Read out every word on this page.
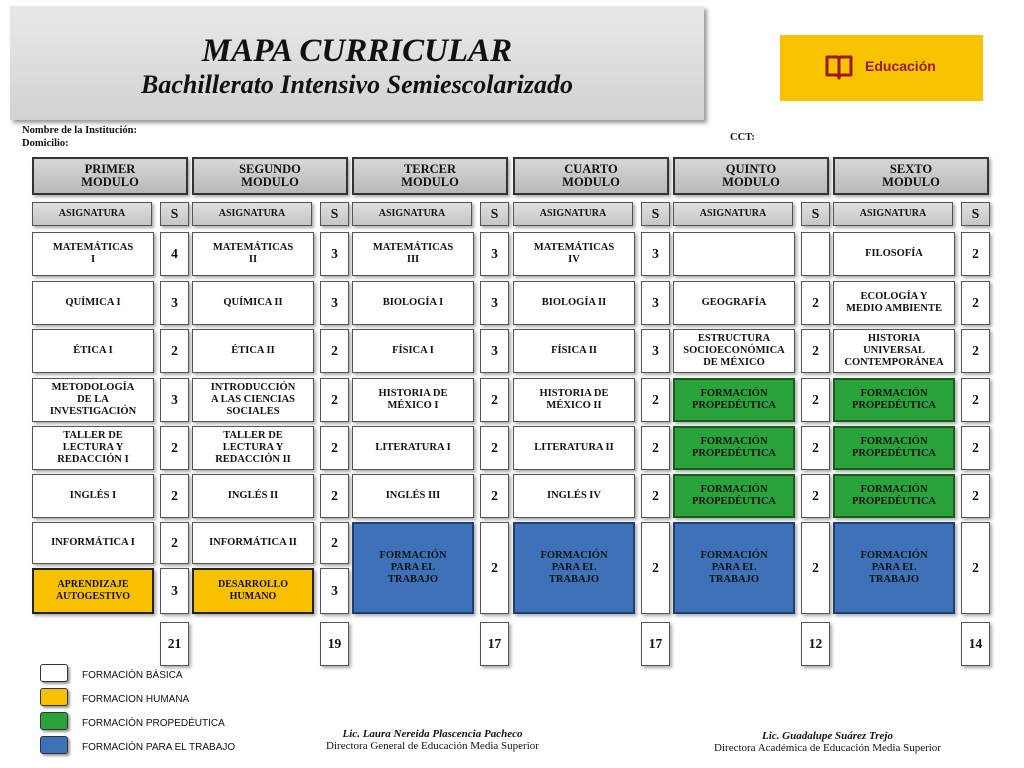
MAPA CURRICULAR
Bachillerato Intensivo Semiescolarizado
Educación
Nombre de la Institución:
Domicilio:
CCT:
PRIMER
MODULO
ASIGNATURA	S
MATEMÁTICAS
I	4
QUÍMICA I	3
ÉTICA I	2
METODOLOGÍA
DE LA
INVESTIGACIÓN
3
TALLER DE
LECTURA Y
REDACCIÓN I
2
INGLÉS I	2
INFORMÁTICA I	2
APRENDIZAJE
AUTOGESTIVO	3
21
SEGUNDO
MODULO
ASIGNATURA	S
MATEMÁTICAS
II	3
QUÍMICA II	3
ÉTICA II	2
INTRODUCCIÓN
A LAS CIENCIAS
SOCIALES
2
TALLER DE
LECTURA Y
REDACCIÓN II
2
INGLÉS II	2
INFORMÁTICA II	2
DESARROLLO
HUMANO	3
19
TERCER
MODULO
ASIGNATURA	S
MATEMÁTICAS
III	3
BIOLOGÍA I	3
FÍSICA I	3
HISTORIA DE
MÉXICO I	2
LITERATURA I	2
INGLÉS III	2
FORMACIÓN
PARA EL
TRABAJO
2
17
CUARTO
MODULO
ASIGNATURA	S
MATEMÁTICAS
IV	3
BIOLOGÍA II	3
FÍSICA II	3
HISTORIA DE
MÉXICO II	2
LITERATURA II	2
INGLÉS IV	2
FORMACIÓN
PARA EL
TRABAJO
2
17
QUINTO
MODULO
ASIGNATURA	S
GEOGRAFÍA	2
ESTRUCTURA
SOCIOECONÓMICA
DE MÉXICO
2
FORMACIÓN
PROPEDÉUTICA	2
FORMACIÓN
PROPEDÉUTICA	2
FORMACIÓN
PROPEDÉUTICA	2
FORMACIÓN
PARA EL
TRABAJO
2
12
SEXTO
MODULO
ASIGNATURA	S
FILOSOFÍA	2
ECOLOGÍA Y
MEDIO AMBIENTE	2
HISTORIA
UNIVERSAL
CONTEMPORÁNEA
2
FORMACIÓN
PROPEDÉUTICA	2
FORMACIÓN
PROPEDÉUTICA	2
FORMACIÓN
PROPEDÉUTICA	2
FORMACIÓN
PARA EL
TRABAJO
2
14
FORMACIÓN BÁSICA
FORMACION HUMANA
FORMACIÓN PROPEDÉUTICA
FORMACIÓN PARA EL TRABAJO
Lic. Laura Nereida Plascencia Pacheco
Directora General de Educación Media Superior
Lic. Guadalupe Suárez Trejo
Directora Académica de Educación Media Superior
